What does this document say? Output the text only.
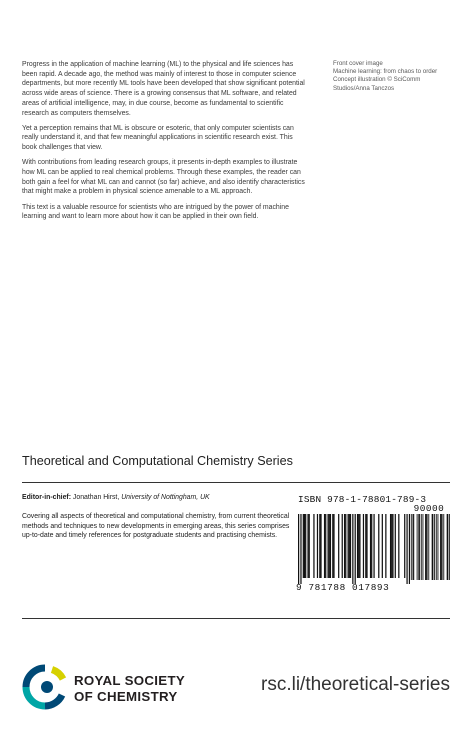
Progress in the application of machine learning (ML) to the physical and life sciences has been rapid. A decade ago, the method was mainly of interest to those in computer science departments, but more recently ML tools have been developed that show significant potential across wide areas of science. There is a growing consensus that ML software, and related areas of artificial intelligence, may, in due course, become as fundamental to scientific research as computers themselves.

Yet a perception remains that ML is obscure or esoteric, that only computer scientists can really understand it, and that few meaningful applications in scientific research exist. This book challenges that view.

With contributions from leading research groups, it presents in-depth examples to illustrate how ML can be applied to real chemical problems. Through these examples, the reader can both gain a feel for what ML can and cannot (so far) achieve, and also identify characteristics that might make a problem in physical science amenable to a ML approach.

This text is a valuable resource for scientists who are intrigued by the power of machine learning and want to learn more about how it can be applied in their own field.

Front cover image
Machine learning: from chaos to order
Concept illustration © SciComm Studios/Anna Tanczos
Theoretical and Computational Chemistry Series
Editor-in-chief: Jonathan Hirst, University of Nottingham, UK
Covering all aspects of theoretical and computational chemistry, from current theoretical methods and techniques to new developments in emerging areas, this series comprises up-to-date and timely references for postgraduate students and practising chemists.
ISBN 978-1-78801-789-3
90000
9 781788 017893
ROYAL SOCIETY
OF CHEMISTRY
rsc.li/theoretical-series
